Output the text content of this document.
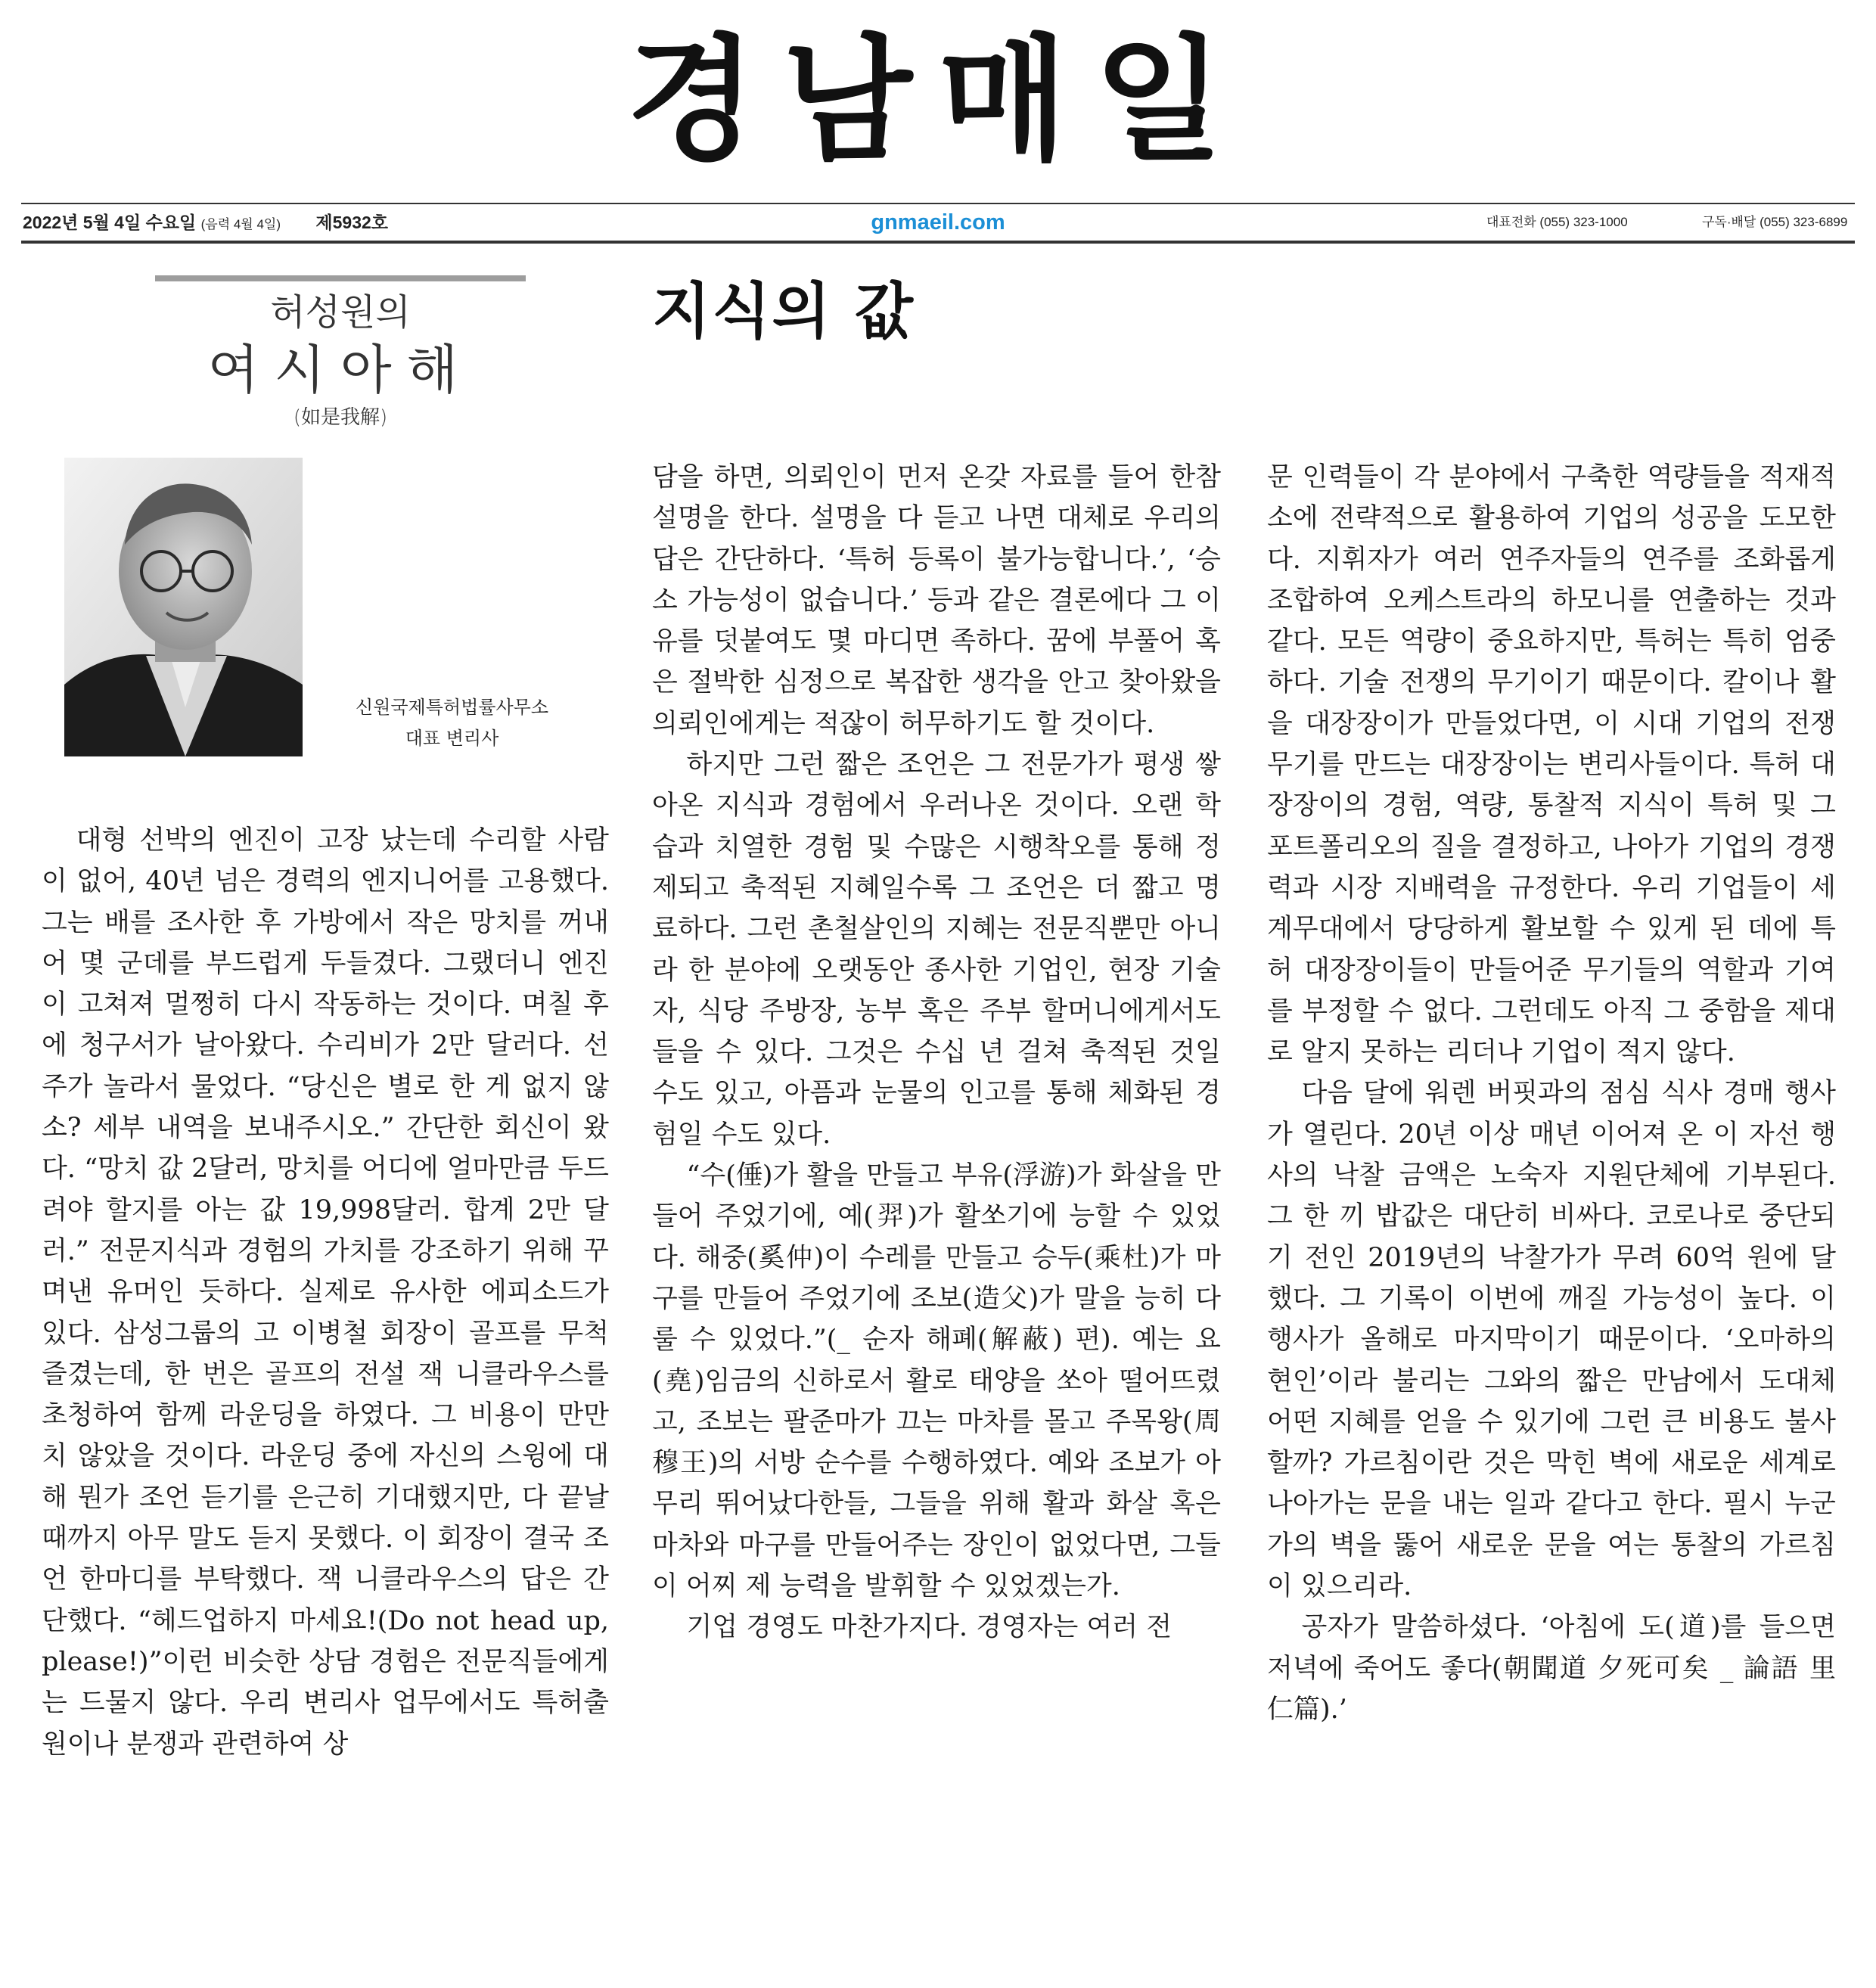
경남매일
2022년 5월 4일 수요일 (음력 4월 4일) 제5932호	gnmaeil.com	대표전화 (055) 323-1000	구독·배달 (055) 323-6899
허성원의
여시아해
(如是我解)
신원국제특허법률사무소
대표 변리사
지식의 값

대형 선박의 엔진이 고장 났는데 수리할 사람이 없어, 40년 넘은 경력의 엔지니어를 고용했다. 그는 배를 조사한 후 가방에서 작은 망치를 꺼내어 몇 군데를 부드럽게 두들겼다. 그랬더니 엔진이 고쳐져 멀쩡히 다시 작동하는 것이다. 며칠 후에 청구서가 날아왔다. 수리비가 2만 달러다. 선주가 놀라서 물었다. “당신은 별로 한 게 없지 않소? 세부 내역을 보내주시오.” 간단한 회신이 왔다. “망치 값 2달러, 망치를 어디에 얼마만큼 두드려야 할지를 아는 값 19,998달러. 합계 2만 달러.” 전문지식과 경험의 가치를 강조하기 위해 꾸며낸 유머인 듯하다. 실제로 유사한 에피소드가 있다. 삼성그룹의 고 이병철 회장이 골프를 무척 즐겼는데, 한 번은 골프의 전설 잭 니클라우스를 초청하여 함께 라운딩을 하였다. 그 비용이 만만치 않았을 것이다. 라운딩 중에 자신의 스윙에 대해 뭔가 조언 듣기를 은근히 기대했지만, 다 끝날 때까지 아무 말도 듣지 못했다. 이 회장이 결국 조언 한마디를 부탁했다. 잭 니클라우스의 답은 간단했다. “헤드업하지 마세요!(Do not head up, please!)”이런 비슷한 상담 경험은 전문직들에게는 드물지 않다. 우리 변리사 업무에서도 특허출원이나 분쟁과 관련하여 상

담을 하면, 의뢰인이 먼저 온갖 자료를 들어 한참 설명을 한다. 설명을 다 듣고 나면 대체로 우리의 답은 간단하다. ‘특허 등록이 불가능합니다.’, ‘승소 가능성이 없습니다.’ 등과 같은 결론에다 그 이유를 덧붙여도 몇 마디면 족하다. 꿈에 부풀어 혹은 절박한 심정으로 복잡한 생각을 안고 찾아왔을 의뢰인에게는 적잖이 허무하기도 할 것이다.

하지만 그런 짧은 조언은 그 전문가가 평생 쌓아온 지식과 경험에서 우러나온 것이다. 오랜 학습과 치열한 경험 및 수많은 시행착오를 통해 정제되고 축적된 지혜일수록 그 조언은 더 짧고 명료하다. 그런 촌철살인의 지혜는 전문직뿐만 아니라 한 분야에 오랫동안 종사한 기업인, 현장 기술자, 식당 주방장, 농부 혹은 주부 할머니에게서도 들을 수 있다. 그것은 수십 년 걸쳐 축적된 것일 수도 있고, 아픔과 눈물의 인고를 통해 체화된 경험일 수도 있다.

“수(倕)가 활을 만들고 부유(浮游)가 화살을 만들어 주었기에, 예(羿)가 활쏘기에 능할 수 있었다. 해중(奚仲)이 수레를 만들고 승두(乘杜)가 마구를 만들어 주었기에 조보(造父)가 말을 능히 다룰 수 있었다.”(_ 순자 해폐(解蔽) 편). 예는 요(堯)임금의 신하로서 활로 태양을 쏘아 떨어뜨렸고, 조보는 팔준마가 끄는 마차를 몰고 주목왕(周穆王)의 서방 순수를 수행하였다. 예와 조보가 아무리 뛰어났다한들, 그들을 위해 활과 화살 혹은 마차와 마구를 만들어주는 장인이 없었다면, 그들이 어찌 제 능력을 발휘할 수 있었겠는가.

기업 경영도 마찬가지다. 경영자는 여러 전

문 인력들이 각 분야에서 구축한 역량들을 적재적소에 전략적으로 활용하여 기업의 성공을 도모한다. 지휘자가 여러 연주자들의 연주를 조화롭게 조합하여 오케스트라의 하모니를 연출하는 것과 같다. 모든 역량이 중요하지만, 특허는 특히 엄중하다. 기술 전쟁의 무기이기 때문이다. 칼이나 활을 대장장이가 만들었다면, 이 시대 기업의 전쟁 무기를 만드는 대장장이는 변리사들이다. 특허 대장장이의 경험, 역량, 통찰적 지식이 특허 및 그 포트폴리오의 질을 결정하고, 나아가 기업의 경쟁력과 시장 지배력을 규정한다. 우리 기업들이 세계무대에서 당당하게 활보할 수 있게 된 데에 특허 대장장이들이 만들어준 무기들의 역할과 기여를 부정할 수 없다. 그런데도 아직 그 중함을 제대로 알지 못하는 리더나 기업이 적지 않다.

다음 달에 워렌 버핏과의 점심 식사 경매 행사가 열린다. 20년 이상 매년 이어져 온 이 자선 행사의 낙찰 금액은 노숙자 지원단체에 기부된다. 그 한 끼 밥값은 대단히 비싸다. 코로나로 중단되기 전인 2019년의 낙찰가가 무려 60억 원에 달했다. 그 기록이 이번에 깨질 가능성이 높다. 이 행사가 올해로 마지막이기 때문이다. ‘오마하의 현인’이라 불리는 그와의 짧은 만남에서 도대체 어떤 지혜를 얻을 수 있기에 그런 큰 비용도 불사할까? 가르침이란 것은 막힌 벽에 새로운 세계로 나아가는 문을 내는 일과 같다고 한다. 필시 누군가의 벽을 뚫어 새로운 문을 여는 통찰의 가르침이 있으리라.

공자가 말씀하셨다. ‘아침에 도(道)를 들으면 저녁에 죽어도 좋다(朝聞道 夕死可矣 _ 論語 里仁篇).’
